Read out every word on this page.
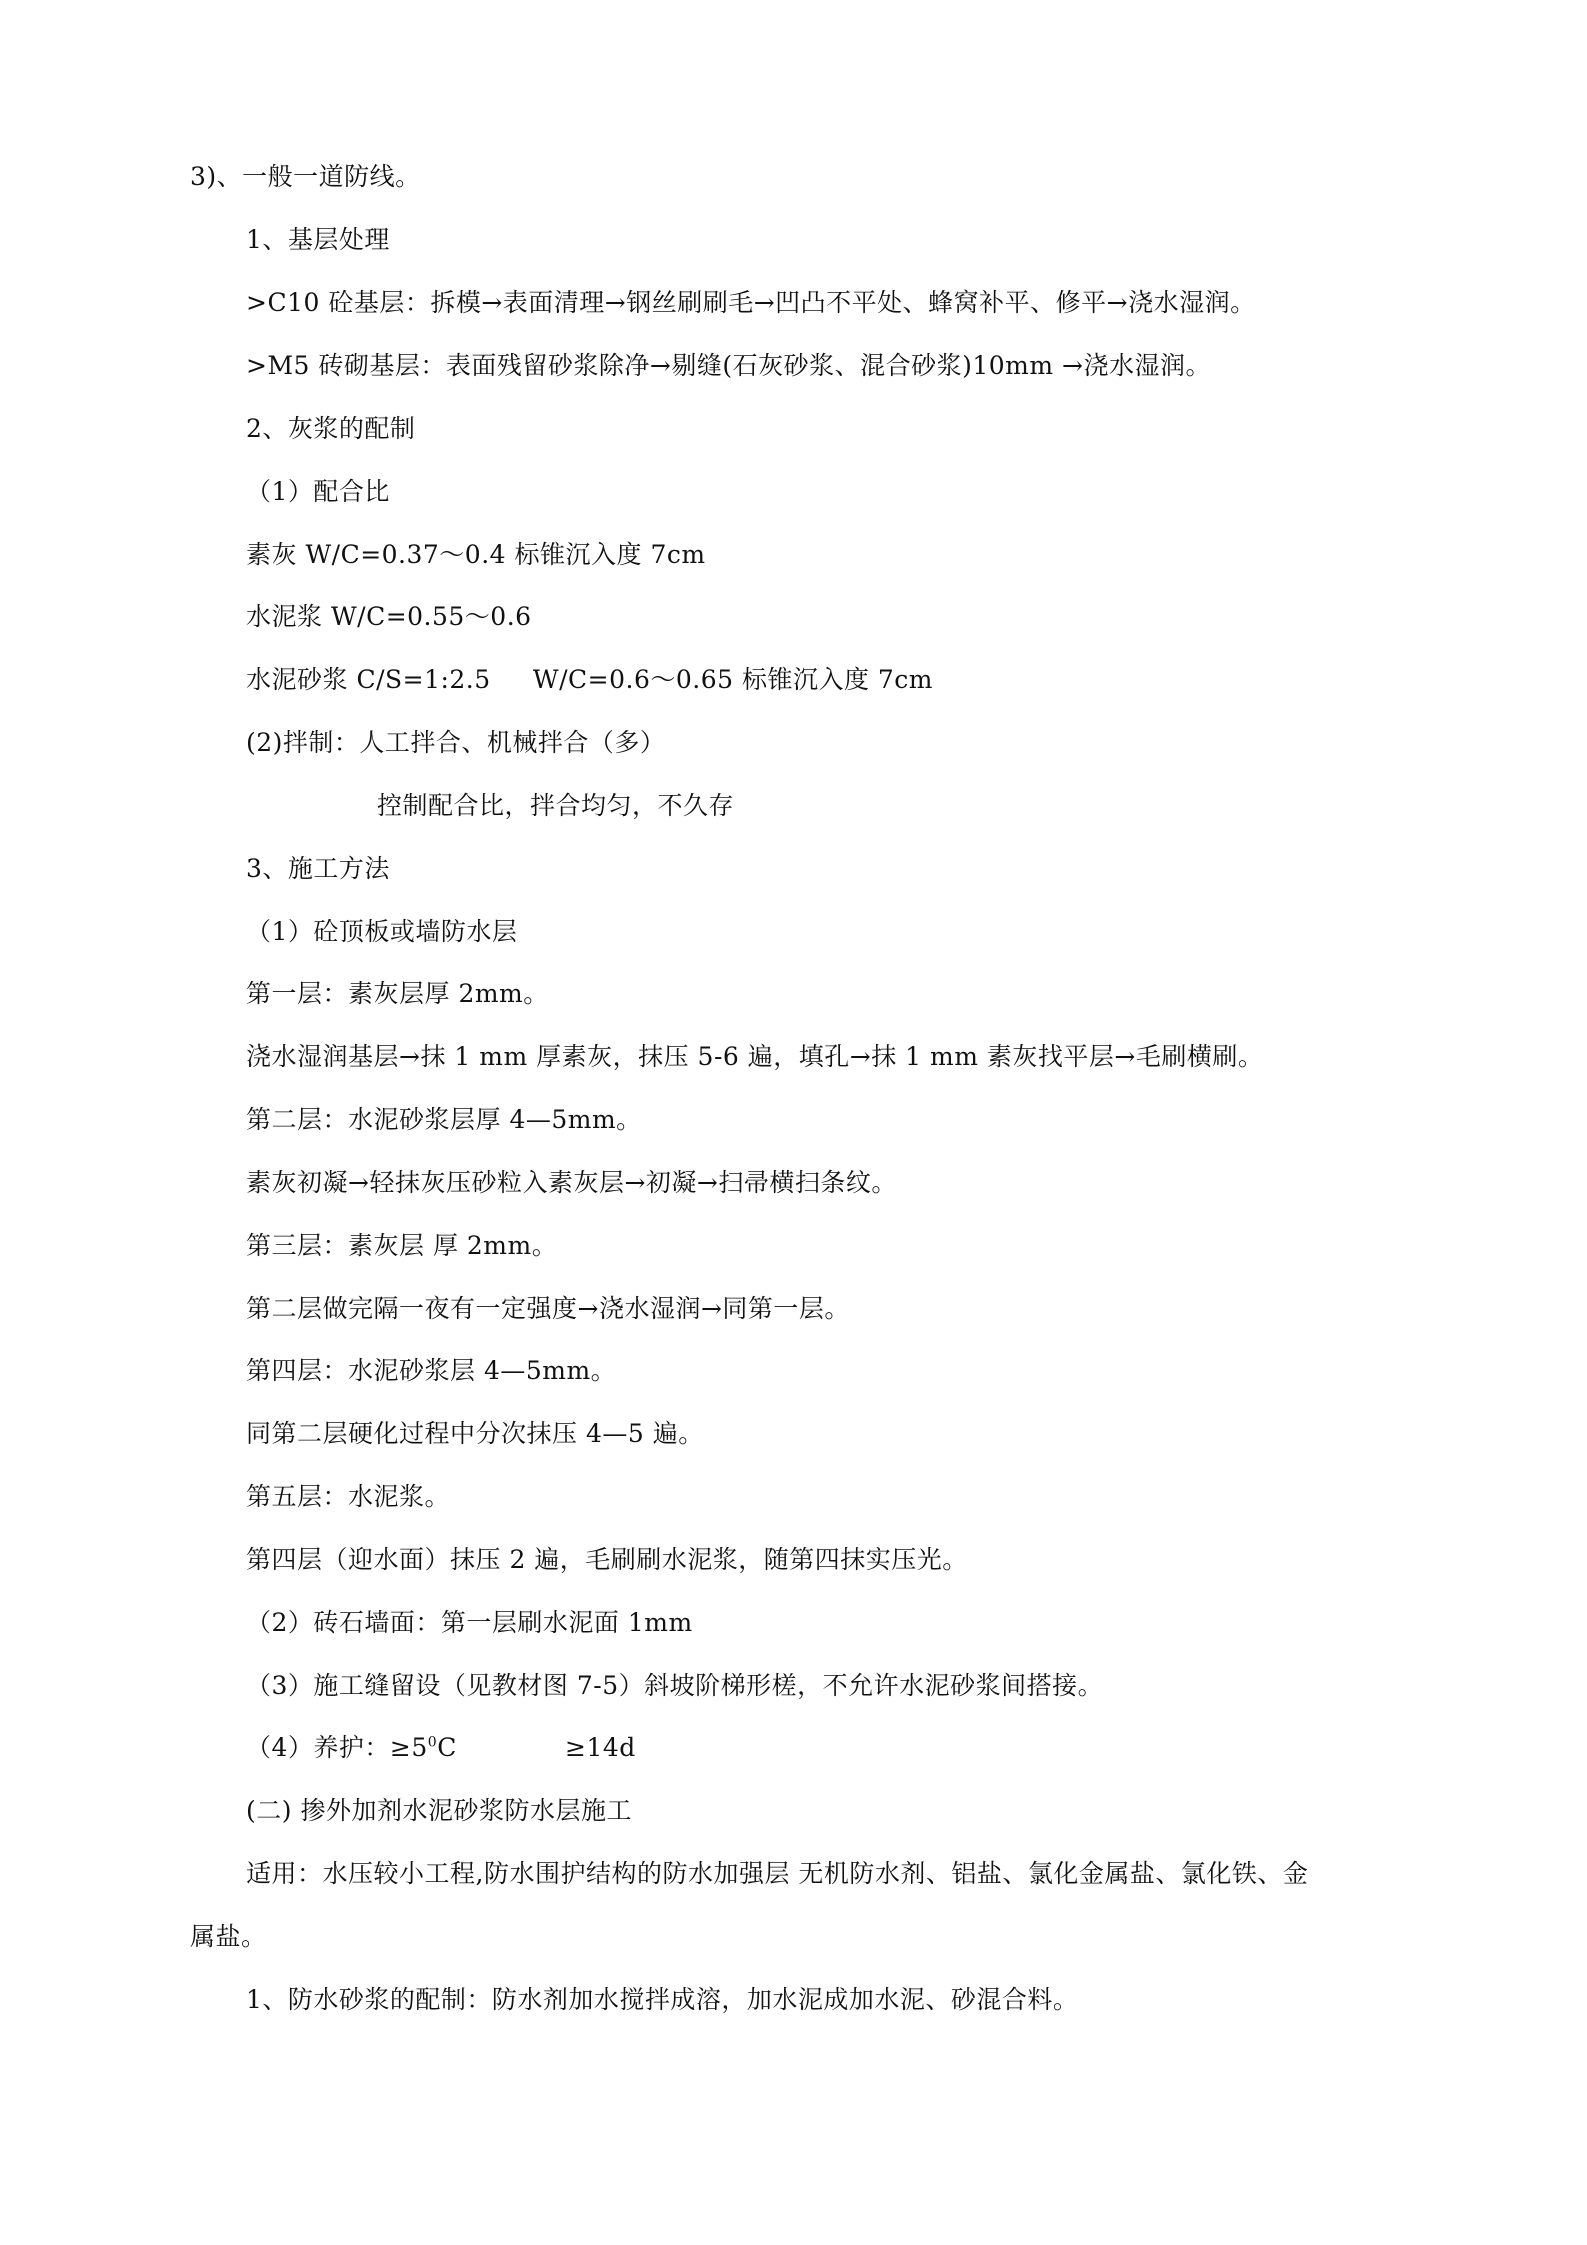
3)、一般一道防线。
1、基层处理
>C10 砼基层：拆模→表面清理→钢丝刷刷毛→凹凸不平处、蜂窝补平、修平→浇水湿润。
>M5 砖砌基层：表面残留砂浆除净→剔缝(石灰砂浆、混合砂浆)10mm →浇水湿润。
2、灰浆的配制
（1）配合比
素灰 W/C=0.37～0.4 标锥沉入度 7cm
水泥浆 W/C=0.55～0.6
水泥砂浆 C/S=1:2.5     W/C=0.6～0.65 标锥沉入度 7cm
(2)拌制：人工拌合、机械拌合（多）
控制配合比，拌合均匀，不久存
3、施工方法
（1）砼顶板或墙防水层
第一层：素灰层厚 2mm。
浇水湿润基层→抹 1 mm 厚素灰，抹压 5-6 遍，填孔→抹 1 mm 素灰找平层→毛刷横刷。
第二层：水泥砂浆层厚 4—5mm。
素灰初凝→轻抹灰压砂粒入素灰层→初凝→扫帚横扫条纹。
第三层：素灰层 厚 2mm。
第二层做完隔一夜有一定强度→浇水湿润→同第一层。
第四层：水泥砂浆层 4—5mm。
同第二层硬化过程中分次抹压 4—5 遍。
第五层：水泥浆。
第四层（迎水面）抹压 2 遍，毛刷刷水泥浆，随第四抹实压光。
（2）砖石墙面：第一层刷水泥面 1mm
（3）施工缝留设（见教材图 7-5）斜坡阶梯形槎，不允许水泥砂浆间搭接。
（4）养护：$\ge 5^0C$	≥14d
(二) 掺外加剂水泥砂浆防水层施工
适用：水压较小工程,防水围护结构的防水加强层 无机防水剂、铝盐、氯化金属盐、氯化铁、金
属盐。
1、防水砂浆的配制：防水剂加水搅拌成溶，加水泥成加水泥、砂混合料。
